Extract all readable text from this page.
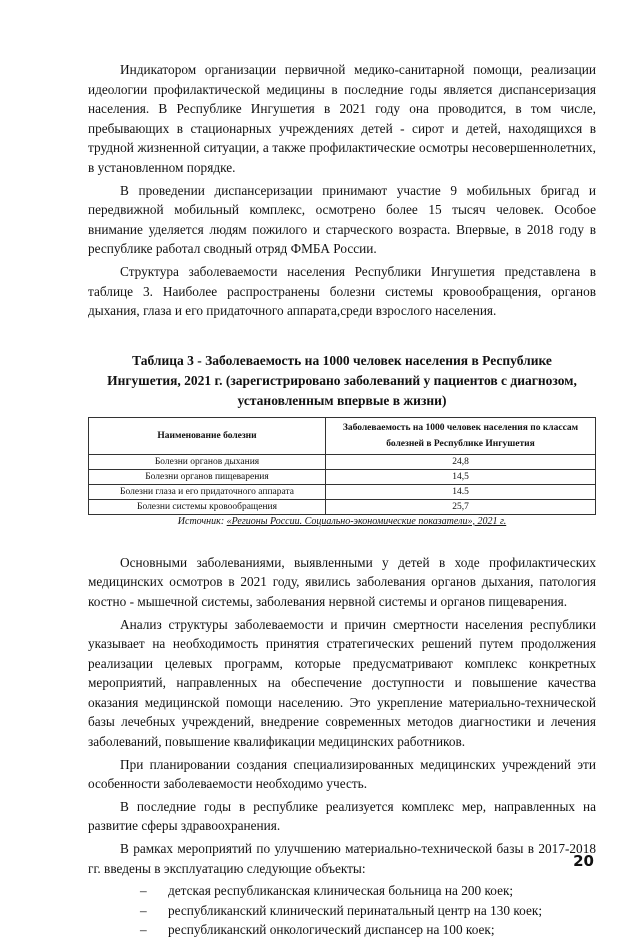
Индикатором организации первичной медико-санитарной помощи, реализации идеологии профилактической медицины в последние годы является диспансеризация населения. В Республике Ингушетия в 2021 году она проводится, в том числе, пребывающих в стационарных учреждениях детей - сирот и детей, находящихся в трудной жизненной ситуации, а также профилактические осмотры несовершеннолетних, в установленном порядке.

В проведении диспансеризации принимают участие 9 мобильных бригад и передвижной мобильный комплекс, осмотрено более 15 тысяч человек. Особое внимание уделяется людям пожилого и старческого возраста. Впервые, в 2018 году в республике работал сводный отряд ФМБА России.

Структура заболеваемости населения Республики Ингушетия представлена в таблице 3. Наиболее распространены болезни системы кровообращения, органов дыхания, глаза и его придаточного аппарата,среди взрослого населения.

Таблица 3 - Заболеваемость на 1000 человек населения в Республике Ингушетия, 2021 г. (зарегистрировано заболеваний у пациентов с диагнозом, установленным впервые в жизни)
Наименование болезни	Заболеваемость на 1000 человек населения по классам болезней в Республике Ингушетия
Болезни органов дыхания	24,8
Болезни органов пищеварения	14,5
Болезни глаза и его придаточного аппарата	14.5
Болезни системы кровообращения	25,7
Источник: «Регионы России. Социально-экономические показатели», 2021 г.

Основными заболеваниями, выявленными у детей в ходе профилактических медицинских осмотров в 2021 году, явились заболевания органов дыхания, патология костно - мышечной системы, заболевания нервной системы и органов пищеварения.

Анализ структуры заболеваемости и причин смертности населения республики указывает на необходимость принятия стратегических решений путем продолжения реализации целевых программ, которые предусматривают комплекс конкретных мероприятий, направленных на обеспечение доступности и повышение качества оказания медицинской помощи населению. Это укрепление материально-технической базы лечебных учреждений, внедрение современных методов диагностики и лечения заболеваний, повышение квалификации медицинских работников.

При планировании создания специализированных медицинских учреждений эти особенности заболеваемости необходимо учесть.

В последние годы в республике реализуется комплекс мер, направленных на развитие сферы здравоохранения.

В рамках мероприятий по улучшению материально-технической базы в 2017-2018 гг. введены в эксплуатацию следующие объекты:

– детская республиканская клиническая больница на 200 коек;
– республиканский клинический перинатальный центр на 130 коек;
– республиканский онкологический диспансер на 100 коек;
20
